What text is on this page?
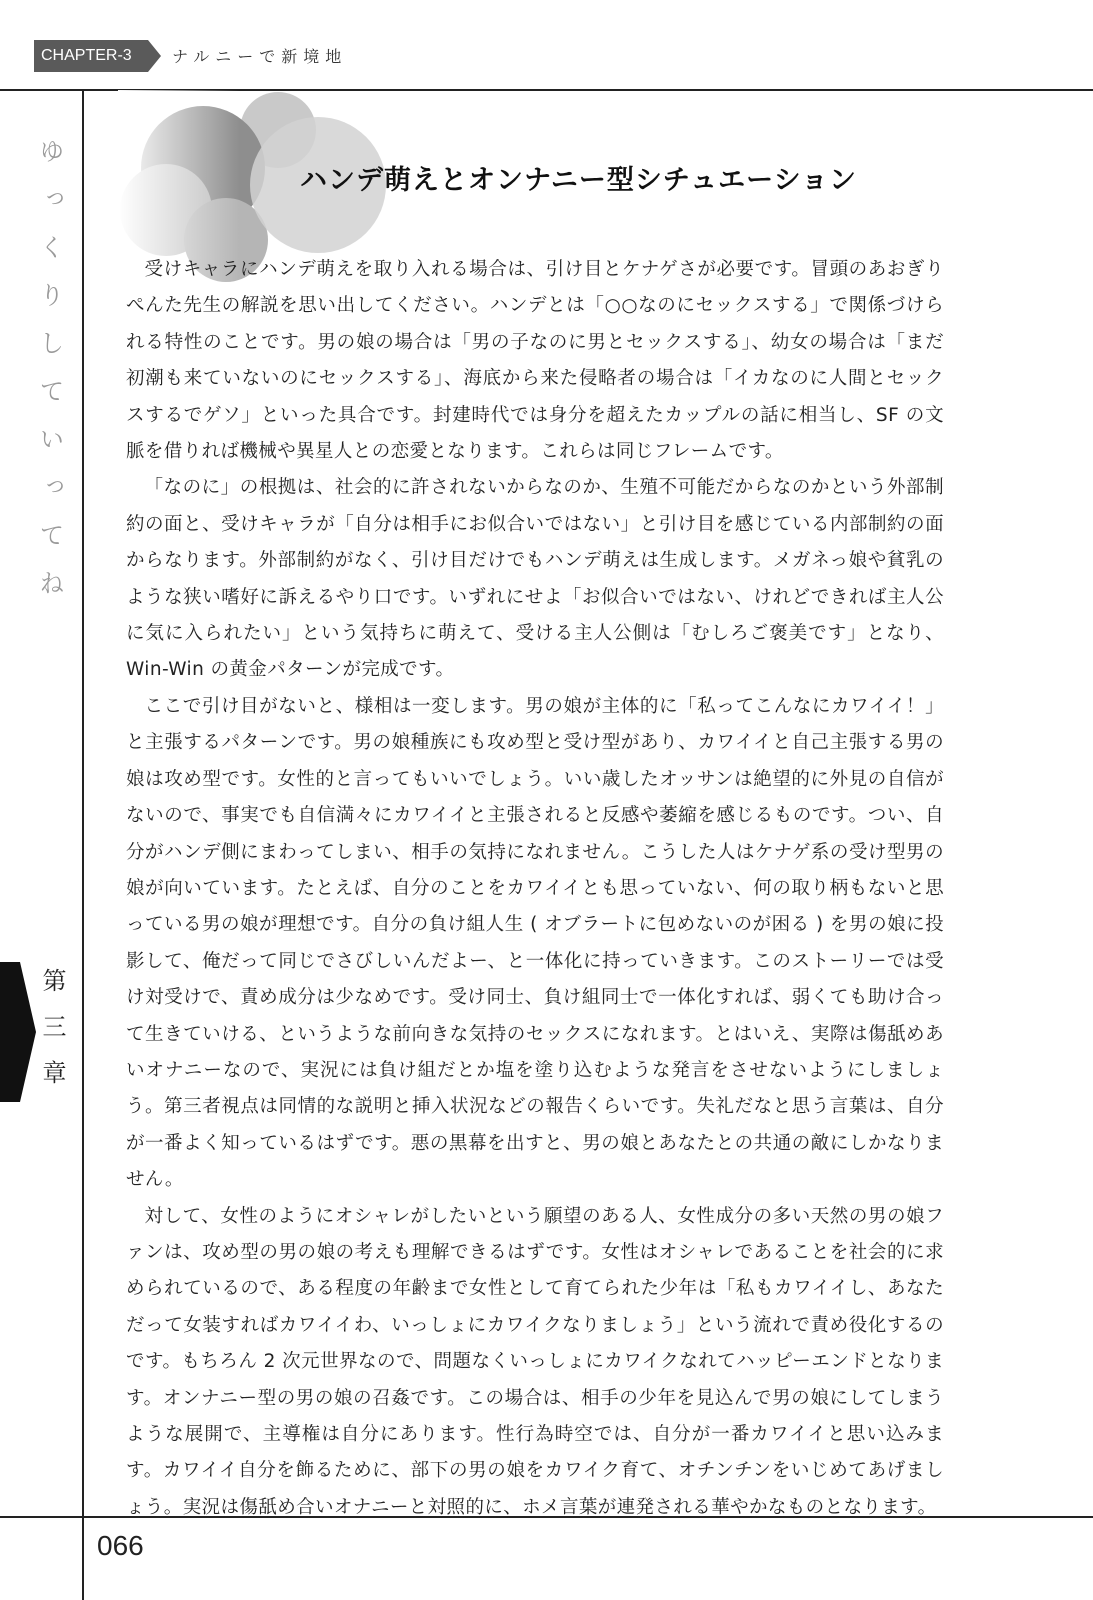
CHAPTER-3	ナルニーで新境地
ゆっくりしていってね
第三章
ハンデ萌えとオンナニー型シチュエーション

受けキャラにハンデ萌えを取り入れる場合は、引け目とケナゲさが必要です。冒頭のあおぎりぺんた先生の解説を思い出してください。ハンデとは「○○なのにセックスする」で関係づけられる特性のことです。男の娘の場合は「男の子なのに男とセックスする」、幼女の場合は「まだ初潮も来ていないのにセックスする」、海底から来た侵略者の場合は「イカなのに人間とセックスするでゲソ」といった具合です。封建時代では身分を超えたカップルの話に相当し、SF の文脈を借りれば機械や異星人との恋愛となります。これらは同じフレームです。

「なのに」の根拠は、社会的に許されないからなのか、生殖不可能だからなのかという外部制約の面と、受けキャラが「自分は相手にお似合いではない」と引け目を感じている内部制約の面からなります。外部制約がなく、引け目だけでもハンデ萌えは生成します。メガネっ娘や貧乳のような狭い嗜好に訴えるやり口です。いずれにせよ「お似合いではない、けれどできれば主人公に気に入られたい」という気持ちに萌えて、受ける主人公側は「むしろご褒美です」となり、Win-Win の黄金パターンが完成です。

ここで引け目がないと、様相は一変します。男の娘が主体的に「私ってこんなにカワイイ！」と主張するパターンです。男の娘種族にも攻め型と受け型があり、カワイイと自己主張する男の娘は攻め型です。女性的と言ってもいいでしょう。いい歳したオッサンは絶望的に外見の自信がないので、事実でも自信満々にカワイイと主張されると反感や萎縮を感じるものです。つい、自分がハンデ側にまわってしまい、相手の気持になれません。こうした人はケナゲ系の受け型男の娘が向いています。たとえば、自分のことをカワイイとも思っていない、何の取り柄もないと思っている男の娘が理想です。自分の負け組人生 ( オブラートに包めないのが困る ) を男の娘に投影して、俺だって同じでさびしいんだよー、と一体化に持っていきます。このストーリーでは受け対受けで、責め成分は少なめです。受け同士、負け組同士で一体化すれば、弱くても助け合って生きていける、というような前向きな気持のセックスになれます。とはいえ、実際は傷舐めあいオナニーなので、実況には負け組だとか塩を塗り込むような発言をさせないようにしましょう。第三者視点は同情的な説明と挿入状況などの報告くらいです。失礼だなと思う言葉は、自分が一番よく知っているはずです。悪の黒幕を出すと、男の娘とあなたとの共通の敵にしかなりません。

対して、女性のようにオシャレがしたいという願望のある人、女性成分の多い天然の男の娘ファンは、攻め型の男の娘の考えも理解できるはずです。女性はオシャレであることを社会的に求められているので、ある程度の年齢まで女性として育てられた少年は「私もカワイイし、あなただって女装すればカワイイわ、いっしょにカワイクなりましょう」という流れで責め役化するのです。もちろん 2 次元世界なので、問題なくいっしょにカワイクなれてハッピーエンドとなります。オンナニー型の男の娘の召姦です。この場合は、相手の少年を見込んで男の娘にしてしまうような展開で、主導権は自分にあります。性行為時空では、自分が一番カワイイと思い込みます。カワイイ自分を飾るために、部下の男の娘をカワイク育て、オチンチンをいじめてあげましょう。実況は傷舐め合いオナニーと対照的に、ホメ言葉が連発される華やかなものとなります。

066
